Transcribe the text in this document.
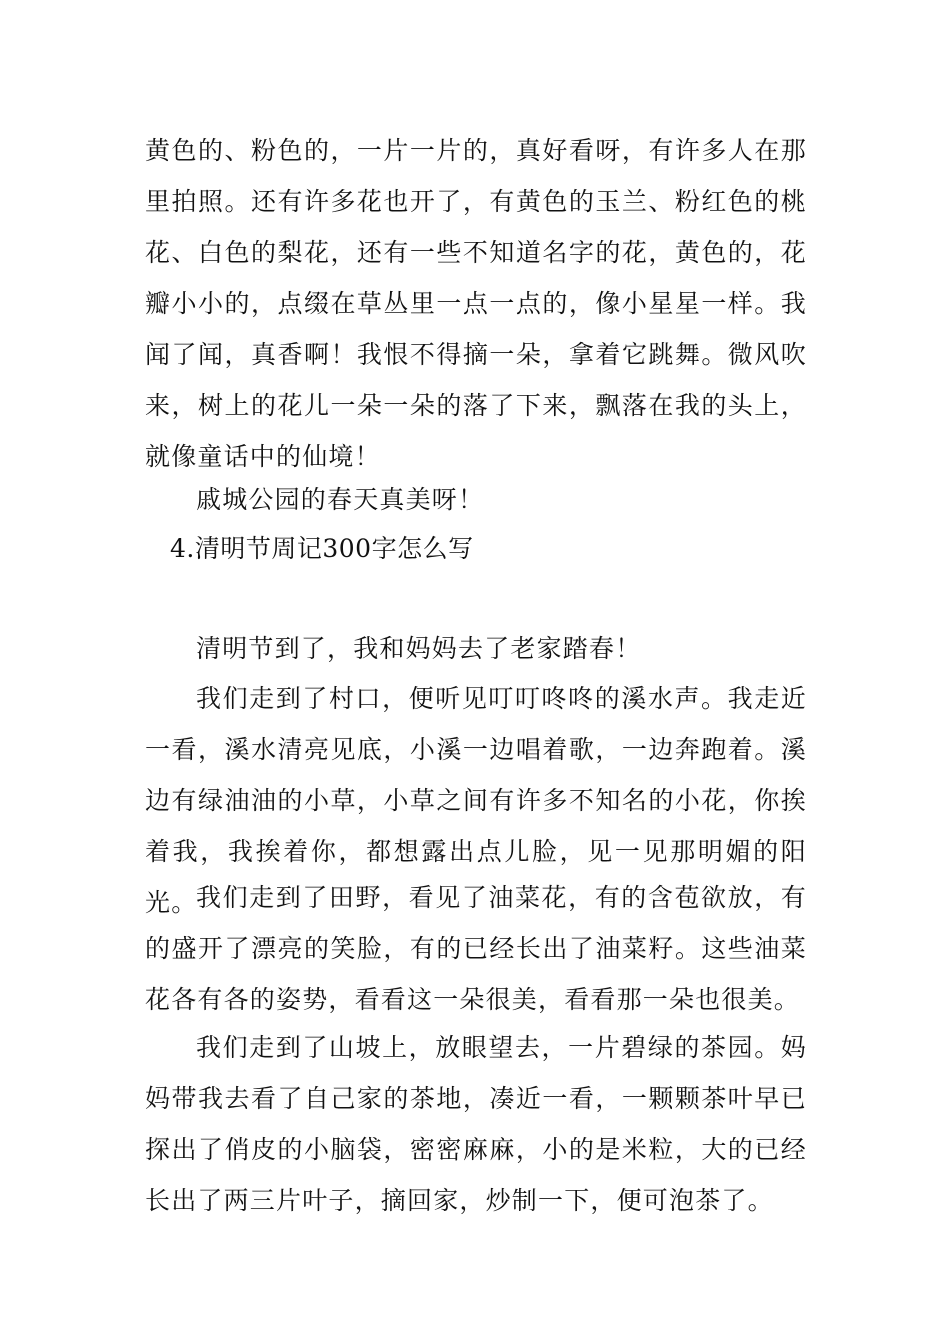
黄色的、粉色的，一片一片的，真好看呀，有许多人在那里拍照。还有许多花也开了，有黄色的玉兰、粉红色的桃花、白色的梨花，还有一些不知道名字的花，黄色的，花瓣小小的，点缀在草丛里一点一点的，像小星星一样。我闻了闻，真香啊！我恨不得摘一朵，拿着它跳舞。微风吹来，树上的花儿一朵一朵的落了下来，飘落在我的头上，就像童话中的仙境！

戚城公园的春天真美呀！

4.清明节周记300字怎么写

清明节到了，我和妈妈去了老家踏春！

我们走到了村口，便听见叮叮咚咚的溪水声。我走近一看，溪水清亮见底，小溪一边唱着歌，一边奔跑着。溪边有绿油油的小草，小草之间有许多不知名的小花，你挨着我，我挨着你，都想露出点儿脸，见一见那明媚的阳光。

我们走到了田野，看见了油菜花，有的含苞欲放，有的盛开了漂亮的笑脸，有的已经长出了油菜籽。这些油菜花各有各的姿势，看看这一朵很美，看看那一朵也很美。

我们走到了山坡上，放眼望去，一片碧绿的茶园。妈妈带我去看了自己家的茶地，凑近一看，一颗颗茶叶早已探出了俏皮的小脑袋，密密麻麻，小的是米粒，大的已经长出了两三片叶子，摘回家，炒制一下，便可泡茶了。
